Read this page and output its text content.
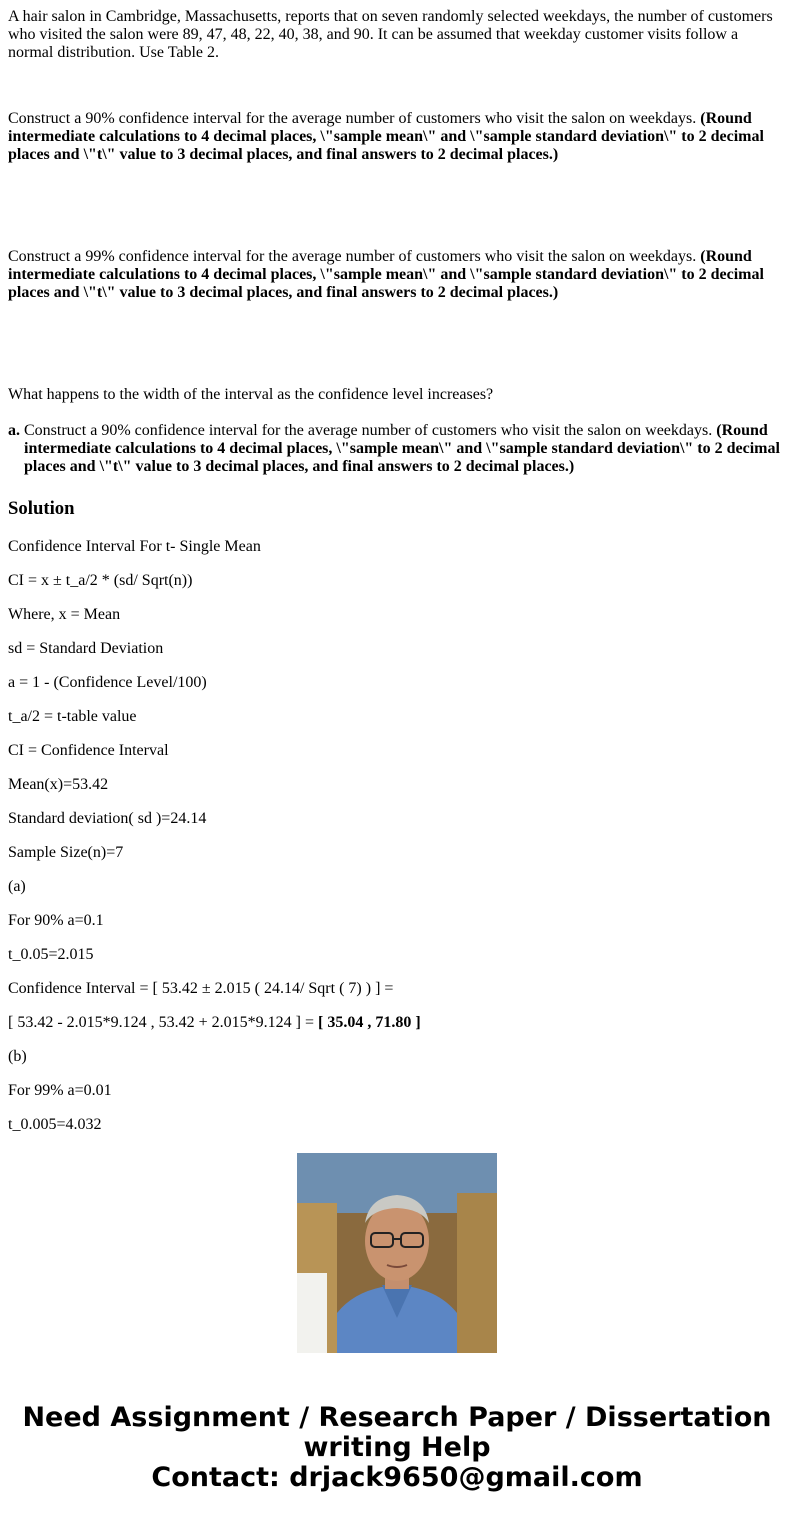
A hair salon in Cambridge, Massachusetts, reports that on seven randomly selected weekdays, the number of customers who visited the salon were 89, 47, 48, 22, 40, 38, and 90. It can be assumed that weekday customer visits follow a normal distribution. Use Table 2.

Construct a 90% confidence interval for the average number of customers who visit the salon on weekdays. (Round intermediate calculations to 4 decimal places, \"sample mean\" and \"sample standard deviation\" to 2 decimal places and \"t\" value to 3 decimal places, and final answers to 2 decimal places.)

Construct a 99% confidence interval for the average number of customers who visit the salon on weekdays. (Round intermediate calculations to 4 decimal places, \"sample mean\" and \"sample standard deviation\" to 2 decimal places and \"t\" value to 3 decimal places, and final answers to 2 decimal places.)

What happens to the width of the interval as the confidence level increases?

a. Construct a 90% confidence interval for the average number of customers who visit the salon on weekdays. (Round intermediate calculations to 4 decimal places, \"sample mean\" and \"sample standard deviation\" to 2 decimal places and \"t\" value to 3 decimal places, and final answers to 2 decimal places.)
Solution

Confidence Interval For t- Single Mean

CI = x ± t_a/2 * (sd/ Sqrt(n))

Where, x = Mean

sd = Standard Deviation

a = 1 - (Confidence Level/100)

t_a/2 = t-table value

CI = Confidence Interval

Mean(x)=53.42

Standard deviation( sd )=24.14

Sample Size(n)=7

(a)

For 90% a=0.1

t_0.05=2.015

Confidence Interval = [ 53.42 ± 2.015 ( 24.14/ Sqrt ( 7) ) ] =

[ 53.42 - 2.015*9.124 , 53.42 + 2.015*9.124 ] = [ 35.04 , 71.80 ]

(b)

For 99% a=0.01

t_0.005=4.032

Need Assignment / Research Paper / Dissertation
writing Help
Contact: drjack9650@gmail.com
